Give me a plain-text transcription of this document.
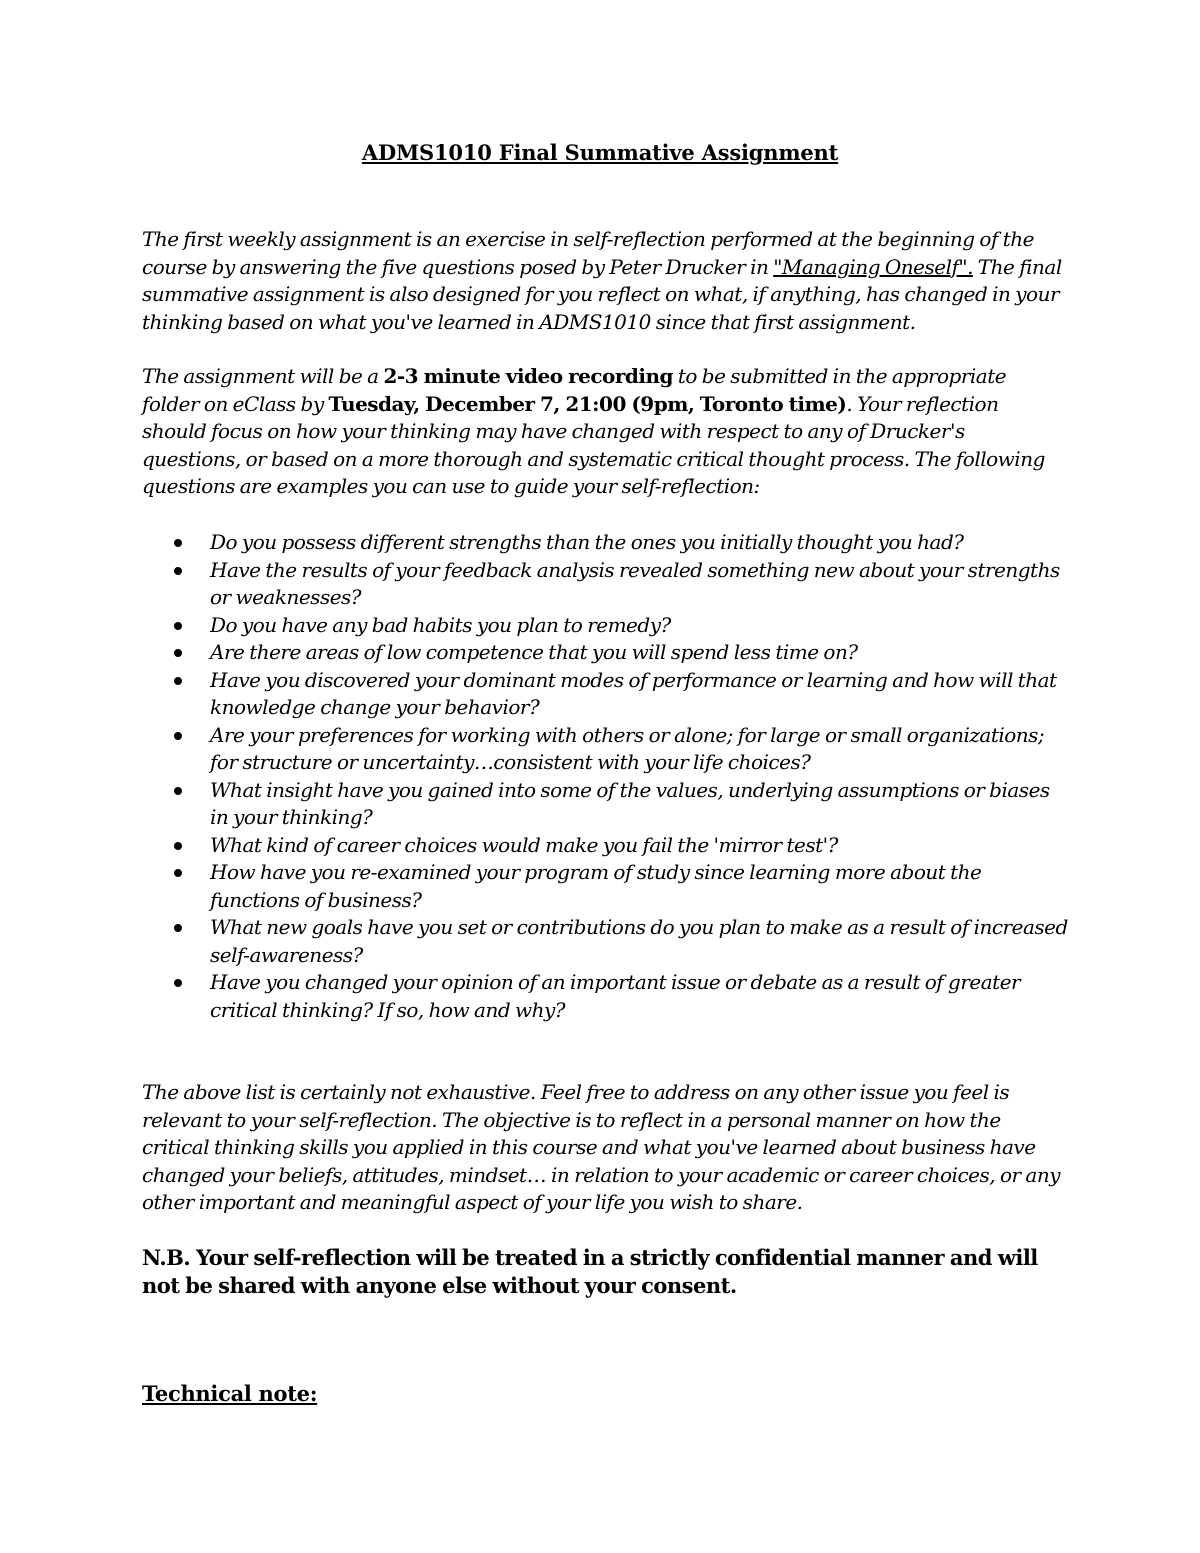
ADMS1010 Final Summative Assignment
The first weekly assignment is an exercise in self-reflection performed at the beginning of the course by answering the five questions posed by Peter Drucker in "Managing Oneself". The final summative assignment is also designed for you reflect on what, if anything, has changed in your thinking based on what you've learned in ADMS1010 since that first assignment.
The assignment will be a 2-3 minute video recording to be submitted in the appropriate folder on eClass by Tuesday, December 7, 21:00 (9pm, Toronto time). Your reflection should focus on how your thinking may have changed with respect to any of Drucker's questions, or based on a more thorough and systematic critical thought process. The following questions are examples you can use to guide your self-reflection:
Do you possess different strengths than the ones you initially thought you had?
Have the results of your feedback analysis revealed something new about your strengths or weaknesses?
Do you have any bad habits you plan to remedy?
Are there areas of low competence that you will spend less time on?
Have you discovered your dominant modes of performance or learning and how will that knowledge change your behavior?
Are your preferences for working with others or alone; for large or small organizations; for structure or uncertainty…consistent with your life choices?
What insight have you gained into some of the values, underlying assumptions or biases in your thinking?
What kind of career choices would make you fail the 'mirror test'?
How have you re-examined your program of study since learning more about the functions of business?
What new goals have you set or contributions do you plan to make as a result of increased self-awareness?
Have you changed your opinion of an important issue or debate as a result of greater critical thinking? If so, how and why?
The above list is certainly not exhaustive. Feel free to address on any other issue you feel is relevant to your self-reflection. The objective is to reflect in a personal manner on how the critical thinking skills you applied in this course and what you've learned about business have changed your beliefs, attitudes, mindset… in relation to your academic or career choices, or any other important and meaningful aspect of your life you wish to share.
N.B. Your self-reflection will be treated in a strictly confidential manner and will not be shared with anyone else without your consent.
Technical note:
